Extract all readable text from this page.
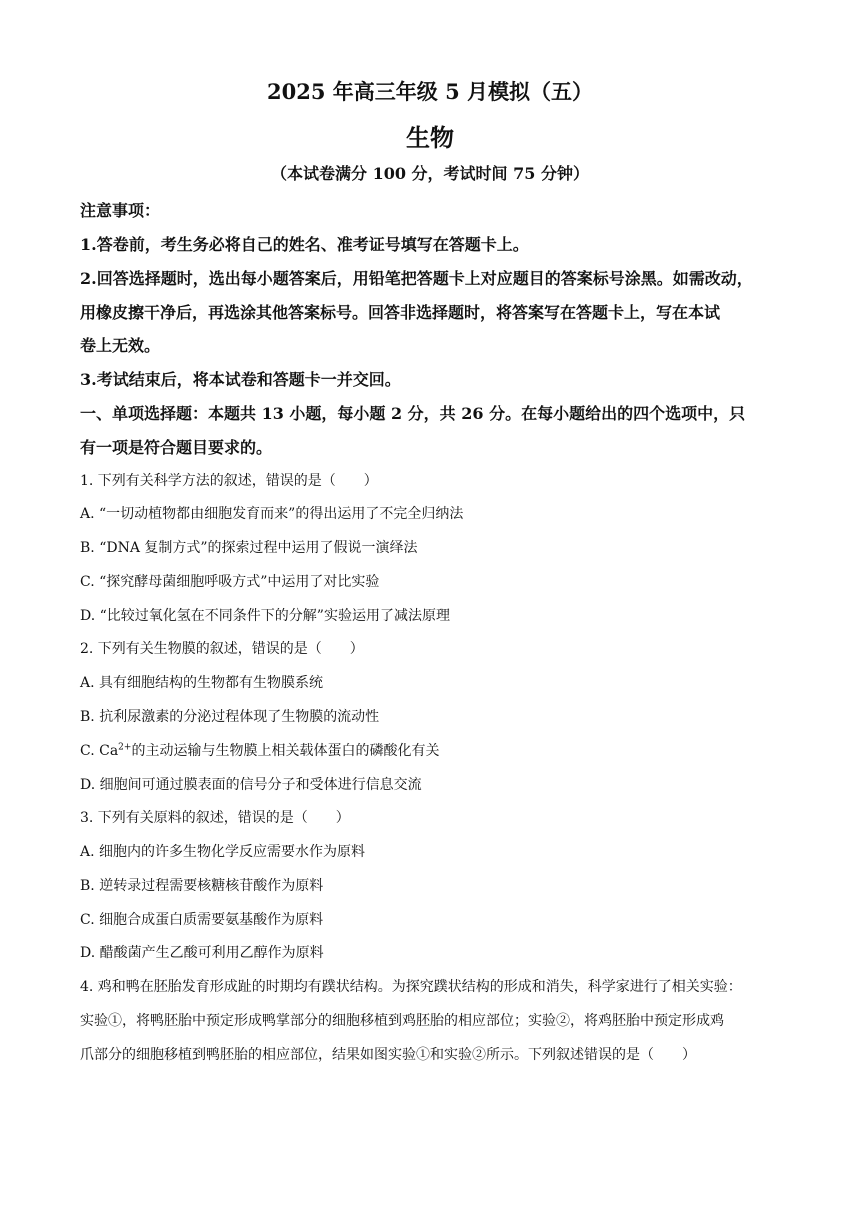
2025 年高三年级 5 月模拟（五）
生物
（本试卷满分 100 分，考试时间 75 分钟）
注意事项：
1.答卷前，考生务必将自己的姓名、准考证号填写在答题卡上。
2.回答选择题时，选出每小题答案后，用铅笔把答题卡上对应题目的答案标号涂黑。如需改动，
用橡皮擦干净后，再选涂其他答案标号。回答非选择题时，将答案写在答题卡上，写在本试
卷上无效。
3.考试结束后，将本试卷和答题卡一并交回。
一、单项选择题：本题共 13 小题，每小题 2 分，共 26 分。在每小题给出的四个选项中，只
有一项是符合题目要求的。
1. 下列有关科学方法的叙述，错误的是（　　）
A. “一切动植物都由细胞发育而来”的得出运用了不完全归纳法
B. “DNA 复制方式”的探索过程中运用了假说一演绎法
C. “探究酵母菌细胞呼吸方式”中运用了对比实验
D. “比较过氧化氢在不同条件下的分解”实验运用了减法原理
2. 下列有关生物膜的叙述，错误的是（　　）
A. 具有细胞结构的生物都有生物膜系统
B. 抗利尿激素的分泌过程体现了生物膜的流动性
C. $Ca^{2+}$的主动运输与生物膜上相关载体蛋白的磷酸化有关
D. 细胞间可通过膜表面的信号分子和受体进行信息交流
3. 下列有关原料的叙述，错误的是（　　）
A. 细胞内的许多生物化学反应需要水作为原料
B. 逆转录过程需要核糖核苷酸作为原料
C. 细胞合成蛋白质需要氨基酸作为原料
D. 醋酸菌产生乙酸可利用乙醇作为原料
4. 鸡和鸭在胚胎发育形成趾的时期均有蹼状结构。为探究蹼状结构的形成和消失，科学家进行了相关实验：
实验①，将鸭胚胎中预定形成鸭掌部分的细胞移植到鸡胚胎的相应部位；实验②，将鸡胚胎中预定形成鸡
爪部分的细胞移植到鸭胚胎的相应部位，结果如图实验①和实验②所示。下列叙述错误的是（　　）
